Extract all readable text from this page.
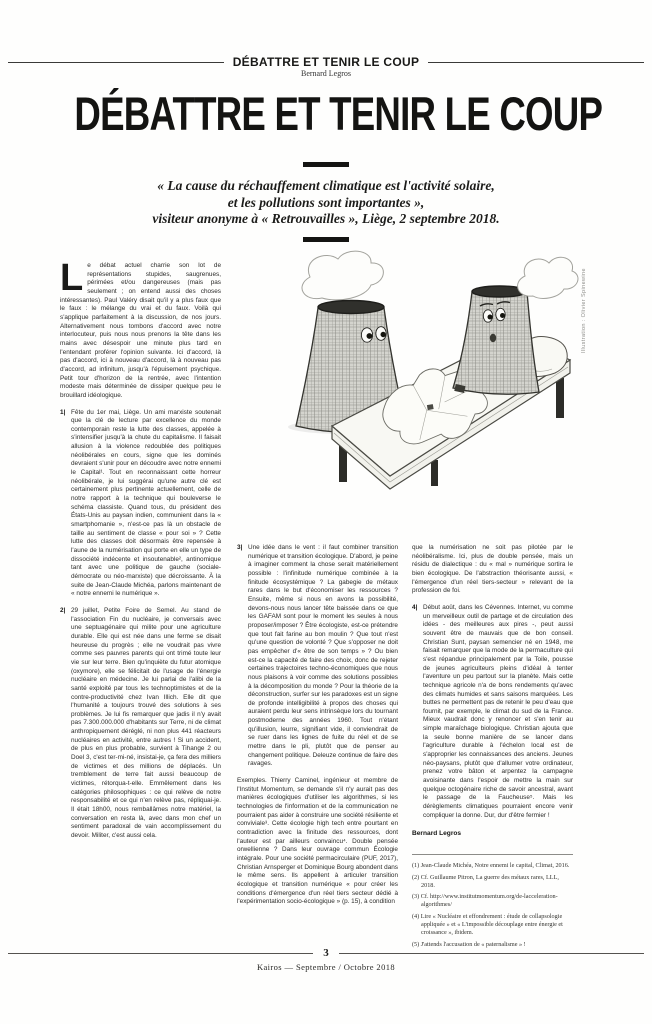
DÉBATTRE ET TENIR LE COUP
Bernard Legros
DÉBATTRE ET TENIR LE COUP
« La cause du réchauffement climatique est l'activité solaire,
et les pollutions sont importantes »,
visiteur anonyme à « Retrouvailles », Liège, 2 septembre 2018.
Illustration : Olivier Spinewine

Le débat actuel charrie son lot de représentations stupides, saugrenues, périmées et/ou dangereuses (mais pas seulement ; on entend aussi des choses intéressantes). Paul Valéry disait qu'il y a plus faux que le faux : le mélange du vrai et du faux. Voilà qui s'applique parfaitement à la discussion, de nos jours. Alternativement nous tombons d'accord avec notre interlocuteur, puis nous nous prenons la tête dans les mains avec désespoir une minute plus tard en l'entendant proférer l'opinion suivante. Ici d'accord, là pas d'accord, ici à nouveau d'accord, là à nouveau pas d'accord, ad infinitum, jusqu'à l'épuisement psychique. Petit tour d'horizon de la rentrée, avec l'intention modeste mais déterminée de dissiper quelque peu le brouillard idéologique.

1| Fête du 1er mai, Liège. Un ami marxiste soutenait que la clé de lecture par excellence du monde contemporain reste la lutte des classes, appelée à s'intensifier jusqu'à la chute du capitalisme. Il faisait allusion à la violence redoublée des politiques néolibérales en cours, signe que les dominés devraient s'unir pour en découdre avec notre ennemi le Capital¹. Tout en reconnaissant cette horreur néolibérale, je lui suggérai qu'une autre clé est certainement plus pertinente actuellement, celle de notre rapport à la technique qui bouleverse le schéma classiste. Quand tous, du président des États-Unis au paysan indien, communient dans la « smartphomanie », n'est-ce pas là un obstacle de taille au sentiment de classe « pour soi » ? Cette lutte des classes doit désormais être repensée à l'aune de la numérisation qui porte en elle un type de dissociété indécente et insoutenable², antinomique tant avec une politique de gauche (sociale-démocrate ou néo-marxiste) que décroissante. À la suite de Jean-Claude Michéa, parlons maintenant de « notre ennemi le numérique ».

2| 29 juillet, Petite Foire de Semel. Au stand de l'association Fin du nucléaire, je conversais avec une septuagénaire qui milite pour une agriculture durable. Elle qui est née dans une ferme se disait heureuse du progrès ; elle ne voudrait pas vivre comme ses pauvres parents qui ont trimé toute leur vie sur leur terre. Bien qu'inquiète du futur atomique (oxymore), elle se félicitait de l'usage de l'énergie nucléaire en médecine. Je lui parlai de l'alibi de la santé exploité par tous les technoptimistes et de la contre-productivité chez Ivan Illich. Elle dit que l'humanité a toujours trouvé des solutions à ses problèmes. Je lui fis remarquer que jadis il n'y avait pas 7.300.000.000 d'habitants sur Terre, ni de climat anthropiquement déréglé, ni non plus 441 réacteurs nucléaires en activité, entre autres ! Si un accident, de plus en plus probable, survient à Tihange 2 ou Doel 3, c'est ter-mi-né, insistai-je, ça fera des milliers de victimes et des millions de déplacés. Un tremblement de terre fait aussi beaucoup de victimes, rétorqua-t-elle. Emmêlement dans les catégories philosophiques : ce qui relève de notre responsabilité et ce qui n'en relève pas, répliquai-je. Il était 18h00, nous remballâmes notre matériel, la conversation en resta là, avec dans mon chef un sentiment paradoxal de vain accomplissement du devoir. Militer, c'est aussi cela.

3| Une idée dans le vent : il faut combiner transition numérique et transition écologique. D'abord, je peine à imaginer comment la chose serait matériellement possible : l'infinitude numérique combinée à la finitude écosystémique ? La gabegie de métaux rares dans le but d'économiser les ressources ? Ensuite, même si nous en avons la possibilité, devons-nous nous lancer tête baissée dans ce que les GAFAM sont pour le moment les seules à nous proposer/imposer ? Être écologiste, est-ce prétendre que tout fait farine au bon moulin ? Que tout n'est qu'une question de volonté ? Que s'opposer ne doit pas empêcher d'« être de son temps » ? Ou bien est-ce la capacité de faire des choix, donc de rejeter certaines trajectoires techno-économiques que nous nous plaisons à voir comme des solutions possibles à la décomposition du monde ? Pour la théorie de la déconstruction, surfer sur les paradoxes est un signe de profonde intelligibilité à propos des choses qui auraient perdu leur sens intrinsèque lors du tournant postmoderne des années 1960. Tout n'étant qu'illusion, leurre, signifiant vide, il conviendrait de se ruer dans les lignes de fuite du réel et de se mettre dans le pli, plutôt que de penser au changement politique. Deleuze continue de faire des ravages.

Exemples. Thierry Caminel, ingénieur et membre de l'Institut Momentum, se demande s'il n'y aurait pas des manières écologiques d'utiliser les algorithmes, si les technologies de l'information et de la communication ne pourraient pas aider à construire une société résiliente et conviviale³. Cette écologie high tech entre pourtant en contradiction avec la finitude des ressources, dont l'auteur est par ailleurs convaincu⁴. Double pensée orwellienne ? Dans leur ouvrage commun Écologie intégrale. Pour une société permacirculaire (PUF, 2017), Christian Arnsperger et Dominique Bourg abondent dans le même sens. Ils appellent à articuler transition écologique et transition numérique « pour créer les conditions d'émergence d'un réel tiers secteur dédié à l'expérimentation socio-écologique » (p. 15), à condition

que la numérisation ne soit pas pilotée par le néolibéralisme. Ici, plus de double pensée, mais un résidu de dialectique : du « mal » numérique sortira le bien écologique. De l'abstraction théorisante aussi, « l'émergence d'un réel tiers-secteur » relevant de la profession de foi.

4| Début août, dans les Cévennes. Internet, vu comme un merveilleux outil de partage et de circulation des idées - des meilleures aux pires -, peut aussi souvent être de mauvais que de bon conseil. Christian Sunt, paysan semencier né en 1948, me faisait remarquer que la mode de la permaculture qui s'est répandue principalement par la Toile, pousse de jeunes agriculteurs pleins d'idéal à tenter l'aventure un peu partout sur la planète. Mais cette technique agricole n'a de bons rendements qu'avec des climats humides et sans saisons marquées. Les buttes ne permettent pas de retenir le peu d'eau que fournit, par exemple, le climat du sud de la France. Mieux vaudrait donc y renoncer et s'en tenir au simple maraîchage biologique. Christian ajouta que la seule bonne manière de se lancer dans l'agriculture durable à l'échelon local est de s'approprier les connaissances des anciens. Jeunes néo-paysans, plutôt que d'allumer votre ordinateur, prenez votre bâton et arpentez la campagne avoisinante dans l'espoir de mettre la main sur quelque octogénaire riche de savoir ancestral, avant le passage de la Faucheuse⁵. Mais les dérèglements climatiques pourraient encore venir compliquer la donne. Dur, dur d'être fermier !

Bernard Legros
(1) Jean-Claude Michéa, Notre ennemi le capital, Climat, 2016.
(2) Cf. Guillaume Pitron, La guerre des métaux rares, LLL, 2018.
(3) Cf. http://www.institutmomentum.org/de-lacceleration-algorithmes/
(4) Lire « Nucléaire et effondrement : étude de collapsologie appliquée » et « L'impossible découplage entre énergie et croissance », ibidem.
(5) J'attends l'accusation de « paternalisme » !
3
Kairos — Septembre / Octobre 2018
